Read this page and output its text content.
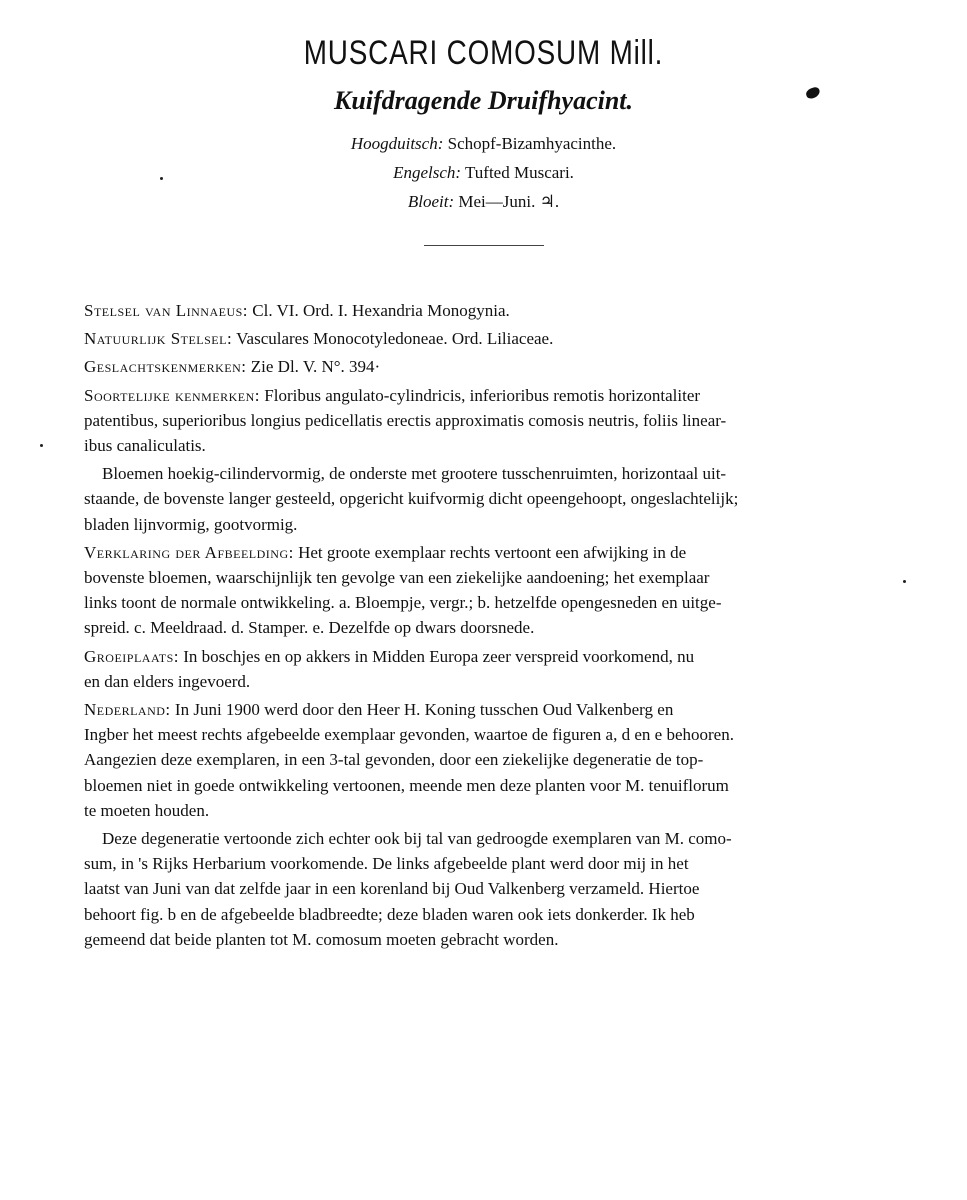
MUSCARI COMOSUM Mill.
Kuifdragende Druifhyacint.
Hoogduitsch: Schopf-Bizamhyacinthe.
Engelsch: Tufted Muscari.
Bloeit: Mei—Juni. ♃.

Stelsel van Linnaeus: Cl. VI. Ord. I. Hexandria Monogynia.

Natuurlijk Stelsel: Vasculares Monocotyledoneae. Ord. Liliaceae.

Geslachtskenmerken: Zie Dl. V. N°. 394·

Soortelijke kenmerken: Floribus angulato-cylindricis, inferioribus remotis horizontaliter
patentibus, superioribus longius pedicellatis erectis approximatis comosis neutris, foliis linear-
ibus canaliculatis.

Bloemen hoekig-cilindervormig, de onderste met grootere tusschenruimten, horizontaal uit-
staande, de bovenste langer gesteeld, opgericht kuifvormig dicht opeengehoopt, ongeslachtelijk;
bladen lijnvormig, gootvormig.

Verklaring der Afbeelding: Het groote exemplaar rechts vertoont een afwijking in de
bovenste bloemen, waarschijnlijk ten gevolge van een ziekelijke aandoening; het exemplaar
links toont de normale ontwikkeling. a. Bloempje, vergr.; b. hetzelfde opengesneden en uitge-
spreid. c. Meeldraad. d. Stamper. e. Dezelfde op dwars doorsnede.

Groeiplaats: In boschjes en op akkers in Midden Europa zeer verspreid voorkomend, nu
en dan elders ingevoerd.

Nederland: In Juni 1900 werd door den Heer H. Koning tusschen Oud Valkenberg en
Ingber het meest rechts afgebeelde exemplaar gevonden, waartoe de figuren a, d en e behooren.
Aangezien deze exemplaren, in een 3-tal gevonden, door een ziekelijke degeneratie de top-
bloemen niet in goede ontwikkeling vertoonen, meende men deze planten voor M. tenuiflorum
te moeten houden.

Deze degeneratie vertoonde zich echter ook bij tal van gedroogde exemplaren van M. como-
sum, in 's Rijks Herbarium voorkomende. De links afgebeelde plant werd door mij in het
laatst van Juni van dat zelfde jaar in een korenland bij Oud Valkenberg verzameld. Hiertoe
behoort fig. b en de afgebeelde bladbreedte; deze bladen waren ook iets donkerder. Ik heb
gemeend dat beide planten tot M. comosum moeten gebracht worden.
